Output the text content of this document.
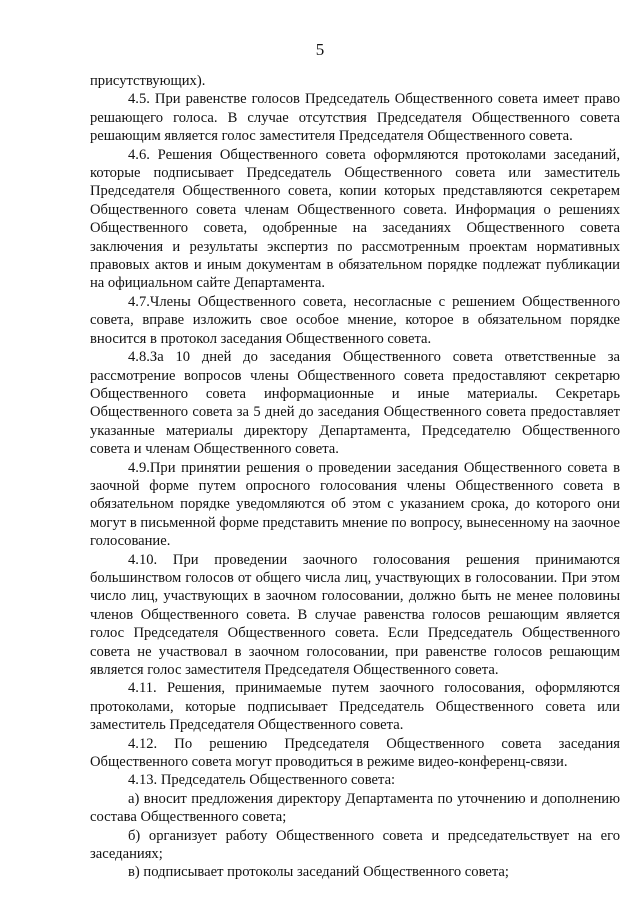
5

присутствующих).

4.5. При равенстве голосов Председатель Общественного совета имеет право решающего голоса. В случае отсутствия Председателя Общественного совета решающим является голос заместителя Председателя Общественного совета.

4.6. Решения Общественного совета оформляются протоколами заседаний, которые подписывает Председатель Общественного совета или заместитель Председателя Общественного совета, копии которых представляются секретарем Общественного совета членам Общественного совета. Информация о решениях Общественного совета, одобренные на заседаниях Общественного совета заключения и результаты экспертиз по рассмотренным проектам нормативных правовых актов и иным документам в обязательном порядке подлежат публикации на официальном сайте Департамента.

4.7.Члены Общественного совета, несогласные с решением Общественного совета, вправе изложить свое особое мнение, которое в обязательном порядке вносится в протокол заседания Общественного совета.

4.8.За 10 дней до заседания Общественного совета ответственные за рассмотрение вопросов члены Общественного совета предоставляют секретарю Общественного совета информационные и иные материалы. Секретарь Общественного совета за 5 дней до заседания Общественного совета предоставляет указанные материалы директору Департамента, Председателю Общественного совета и членам Общественного совета.

4.9.При принятии решения о проведении заседания Общественного совета в заочной форме путем опросного голосования члены Общественного совета в обязательном порядке уведомляются об этом с указанием срока, до которого они могут в письменной форме представить мнение по вопросу, вынесенному на заочное голосование.

4.10. При проведении заочного голосования решения принимаются большинством голосов от общего числа лиц, участвующих в голосовании. При этом число лиц, участвующих в заочном голосовании, должно быть не менее половины членов Общественного совета. В случае равенства голосов решающим является голос Председателя Общественного совета. Если Председатель Общественного совета не участвовал в заочном голосовании, при равенстве голосов решающим является голос заместителя Председателя Общественного совета.

4.11. Решения, принимаемые путем заочного голосования, оформляются протоколами, которые подписывает Председатель Общественного совета или заместитель Председателя Общественного совета.

4.12. По решению Председателя Общественного совета заседания Общественного совета могут проводиться в режиме видео-конференц-связи.

4.13. Председатель Общественного совета:

а) вносит предложения директору Департамента по уточнению и дополнению состава Общественного совета;

б) организует работу Общественного совета и председательствует на его заседаниях;

в) подписывает протоколы заседаний Общественного совета;
